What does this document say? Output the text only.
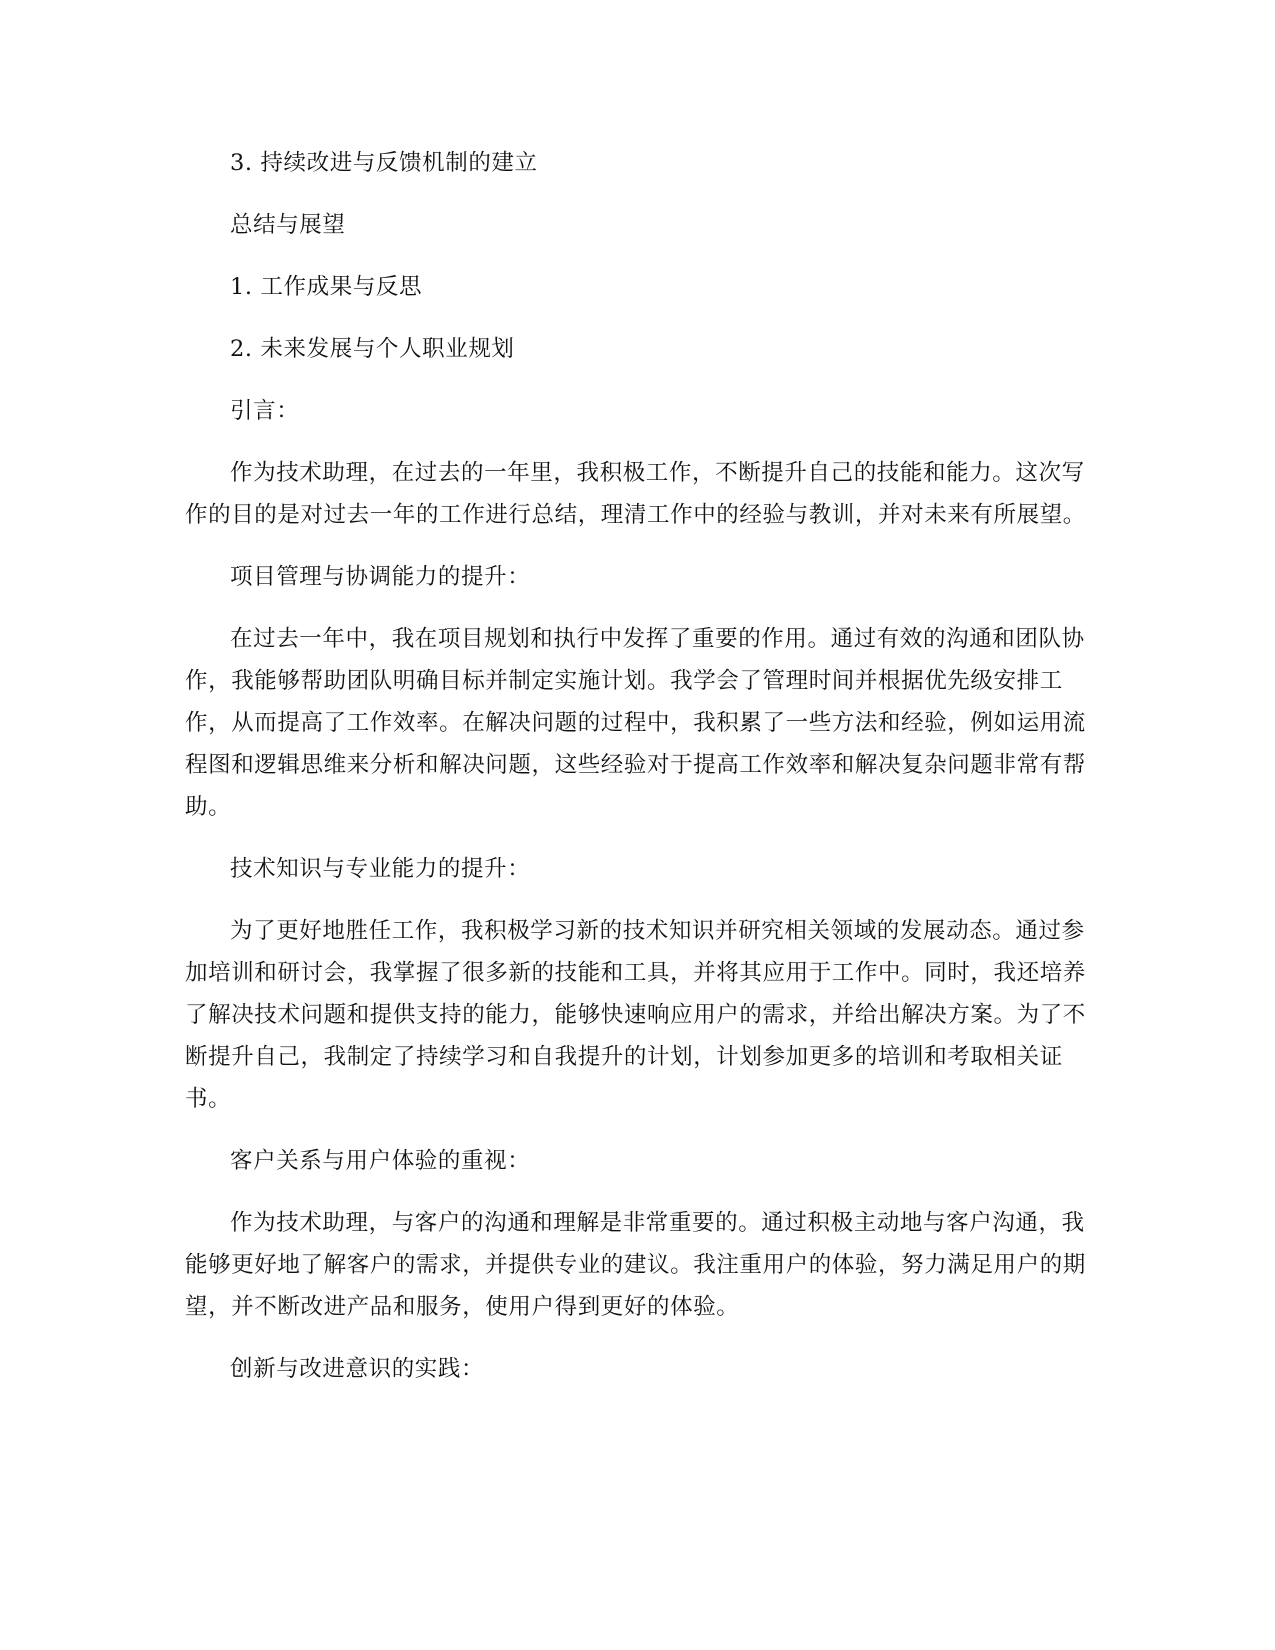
3. 持续改进与反馈机制的建立

总结与展望

1. 工作成果与反思

2. 未来发展与个人职业规划

引言：

作为技术助理，在过去的一年里，我积极工作，不断提升自己的技能和能力。这次写作的目的是对过去一年的工作进行总结，理清工作中的经验与教训，并对未来有所展望。

项目管理与协调能力的提升：

在过去一年中，我在项目规划和执行中发挥了重要的作用。通过有效的沟通和团队协作，我能够帮助团队明确目标并制定实施计划。我学会了管理时间并根据优先级安排工作，从而提高了工作效率。在解决问题的过程中，我积累了一些方法和经验，例如运用流程图和逻辑思维来分析和解决问题，这些经验对于提高工作效率和解决复杂问题非常有帮助。

技术知识与专业能力的提升：

为了更好地胜任工作，我积极学习新的技术知识并研究相关领域的发展动态。通过参加培训和研讨会，我掌握了很多新的技能和工具，并将其应用于工作中。同时，我还培养了解决技术问题和提供支持的能力，能够快速响应用户的需求，并给出解决方案。为了不断提升自己，我制定了持续学习和自我提升的计划，计划参加更多的培训和考取相关证书。

客户关系与用户体验的重视：

作为技术助理，与客户的沟通和理解是非常重要的。通过积极主动地与客户沟通，我能够更好地了解客户的需求，并提供专业的建议。我注重用户的体验，努力满足用户的期望，并不断改进产品和服务，使用户得到更好的体验。

创新与改进意识的实践：
